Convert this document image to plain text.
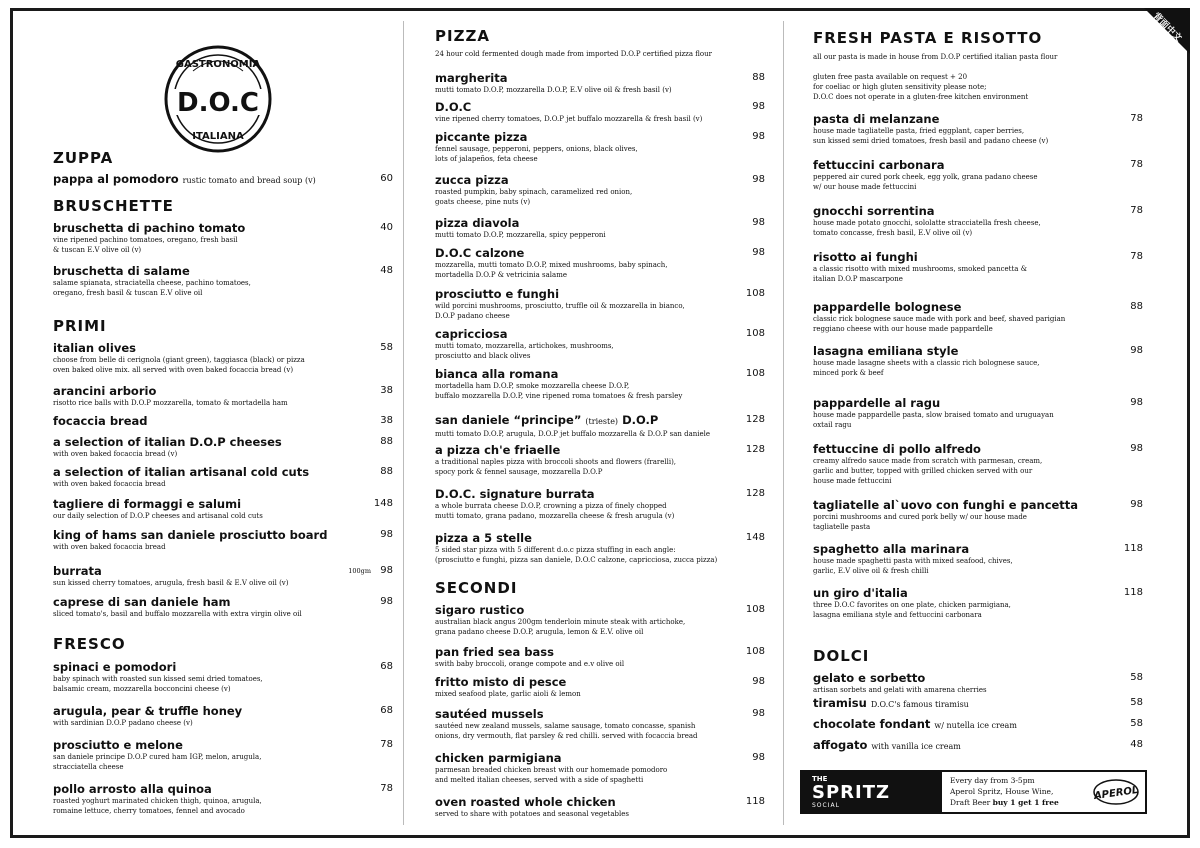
背面中文
GASTRONOMIA
D.O.C
ITALIANA
ZUPPA
pappa al pomodoro rustic tomato and bread soup (v)	60
BRUSCHETTE
bruschetta di pachino tomato	40
vine ripened pachino tomatoes, oregano, fresh basil
& tuscan E.V olive oil (v)
bruschetta di salame	48
salame spianata, straciatella cheese, pachino tomatoes,
oregano, fresh basil & tuscan E.V olive oil
PRIMI
italian olives	58
choose from belle di cerignola (giant green), taggiasca (black) or pizza
oven baked olive mix. all served with oven baked focaccia bread (v)
arancini arborio	38
risotto rice balls with D.O.P mozzarella, tomato & mortadella ham
focaccia bread	38
a selection of italian D.O.P cheeses	88
with oven baked focaccia bread (v)
a selection of italian artisanal cold cuts	88
with oven baked focaccia bread
tagliere di formaggi e salumi	148
our daily selection of D.O.P cheeses and artisanal cold cuts
king of hams san daniele prosciutto board	98
with oven baked focaccia bread
burrata	100gm 98
sun kissed cherry tomatoes, arugula, fresh basil & E.V olive oil (v)
caprese di san daniele ham	98
sliced tomato's, basil and buffalo mozzarella with extra virgin olive oil
FRESCO
spinaci e pomodori	68
baby spinach with roasted sun kissed semi dried tomatoes,
balsamic cream, mozzarella bocconcini cheese (v)
arugula, pear & truffle honey	68
with sardinian D.O.P padano cheese (v)
prosciutto e melone	78
san daniele principe D.O.P cured ham IGP, melon, arugula,
stracciatella cheese
pollo arrosto alla quinoa	78
roasted yoghurt marinated chicken thigh, quinoa, arugula,
romaine lettuce, cherry tomatoes, fennel and avocado
PIZZA
24 hour cold fermented dough made from imported D.O.P certified pizza flour
margherita	88
mutti tomato D.O.P, mozzarella D.O.P, E.V olive oil & fresh basil (v)
D.O.C	98
vine ripened cherry tomatoes, D.O.P jet buffalo mozzarella & fresh basil (v)
piccante pizza	98
fennel sausage, pepperoni, peppers, onions, black olives,
lots of jalapeños, feta cheese
zucca pizza	98
roasted pumpkin, baby spinach, caramelized red onion,
goats cheese, pine nuts (v)
pizza diavola	98
mutti tomato D.O.P, mozzarella, spicy pepperoni
D.O.C calzone	98
mozzarella, mutti tomato D.O.P, mixed mushrooms, baby spinach,
mortadella D.O.P & vetricinia salame
prosciutto e funghi	108
wild porcini mushrooms, prosciutto, truffle oil & mozzarella in bianco,
D.O.P padano cheese
capricciosa	108
mutti tomato, mozzarella, artichokes, mushrooms,
prosciutto and black olives
bianca alla romana	108
mortadella ham D.O.P, smoke mozzarella cheese D.O.P,
buffalo mozzarella D.O.P, vine ripened roma tomatoes & fresh parsley
san daniele “principe” (trieste) D.O.P	128
mutti tomato D.O.P, arugula, D.O.P jet buffalo mozzarella & D.O.P san daniele
a pizza ch'e friaelle	128
a traditional naples pizza with broccoli shoots and flowers (frarelli),
spocy pork & fennel sausage, mozzarella D.O.P
D.O.C. signature burrata	128
a whole burrata cheese D.O.P, crowning a pizza of finely chopped
mutti tomato, grana padano, mozzarella cheese & fresh arugula (v)
pizza a 5 stelle	148
5 sided star pizza with 5 different d.o.c pizza stuffing in each angle:
(prosciutto e funghi, pizza san daniele, D.O.C calzone, capricciosa, zucca pizza)
SECONDI
sigaro rustico	108
australian black angus 200gm tenderloin minute steak with artichoke,
grana padano cheese D.O.P, arugula, lemon & E.V. olive oil
pan fried sea bass	108
swith baby broccoli, orange compote and e.v olive oil
fritto misto di pesce	98
mixed seafood plate, garlic aioli & lemon
sautéed mussels	98
sautéed new zealand mussels, salame sausage, tomato concasse, spanish
onions, dry vermouth, flat parsley & red chilli. served with focaccia bread
chicken parmigiana	98
parmesan breaded chicken breast with our homemade pomodoro
and melted italian cheeses, served with a side of spaghetti
oven roasted whole chicken	118
served to share with potatoes and seasonal vegetables
FRESH PASTA E RISOTTO
all our pasta is made in house from D.O.P certified italian pasta flour
gluten free pasta available on request + 20
for coeliac or high gluten sensitivity please note;
D.O.C does not operate in a gluten-free kitchen environment
pasta di melanzane	78
house made tagliatelle pasta, fried eggplant, caper berries,
sun kissed semi dried tomatoes, fresh basil and padano cheese (v)
fettuccini carbonara	78
peppered air cured pork cheek, egg yolk, grana padano cheese
w/ our house made fettuccini
gnocchi sorrentina	78
house made potato gnocchi, sololatte stracciatella fresh cheese,
tomato concasse, fresh basil, E.V olive oil (v)
risotto ai funghi	78
a classic risotto with mixed mushrooms, smoked pancetta &
italian D.O.P mascarpone
pappardelle bolognese	88
classic rick bolognese sauce made with pork and beef, shaved parigian
reggiano cheese with our house made pappardelle
lasagna emiliana style	98
house made lasagne sheets with a classic rich bolognese sauce,
minced pork & beef
pappardelle al ragu	98
house made pappardelle pasta, slow braised tomato and uruguayan
oxtail ragu
fettuccine di pollo alfredo	98
creamy alfredo sauce made from scratch with parmesan, cream,
garlic and butter, topped with grilled chicken served with our
house made fettuccini
tagliatelle al`uovo con funghi e pancetta	98
porcini mushrooms and cured pork belly w/ our house made
tagliatelle pasta
spaghetto alla marinara	118
house made spaghetti pasta with mixed seafood, chives,
garlic, E.V olive oil & fresh chilli
un giro d'italia	118
three D.O.C favorites on one plate, chicken parmigiana,
lasagna emiliana style and fettuccini carbonara
DOLCI
gelato e sorbetto	58
artisan sorbets and gelati with amarena cherries
tiramisu D.O.C's famous tiramisu	58
chocolate fondant w/ nutella ice cream	58
affogato with vanilla ice cream	48
THE
SPRITZ
SOCIAL
Every day from 3-5pm
Aperol Spritz, House Wine,
Draft Beer buy 1 get 1 free
APEROL
